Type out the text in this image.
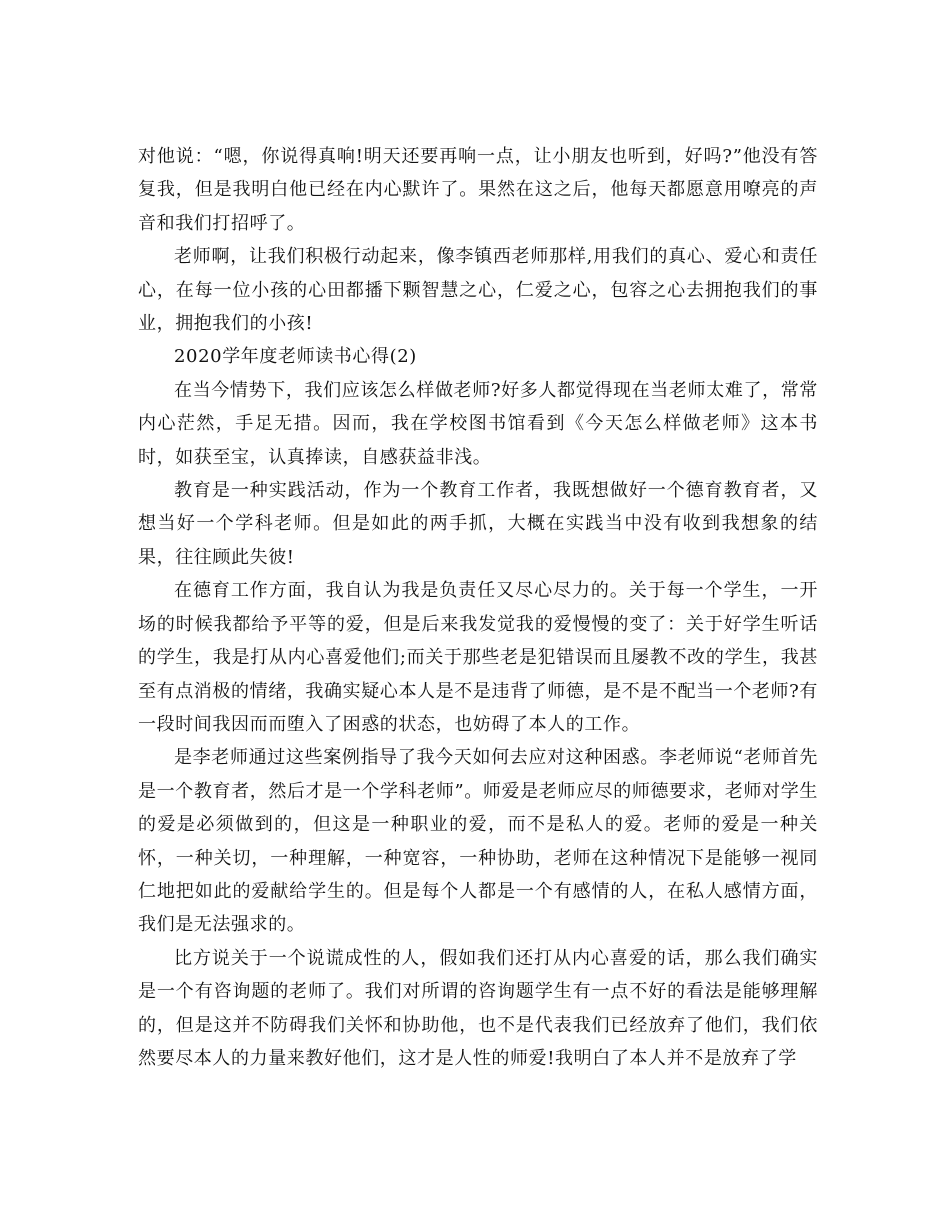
对他说：“嗯，你说得真响!明天还要再响一点，让小朋友也听到，好吗?”他没有答复我，但是我明白他已经在内心默许了。果然在这之后，他每天都愿意用嘹亮的声音和我们打招呼了。

老师啊，让我们积极行动起来，像李镇西老师那样,用我们的真心、爱心和责任心，在每一位小孩的心田都播下颗智慧之心，仁爱之心，包容之心去拥抱我们的事业，拥抱我们的小孩!

2020学年度老师读书心得(2)

在当今情势下，我们应该怎么样做老师?好多人都觉得现在当老师太难了，常常内心茫然，手足无措。因而，我在学校图书馆看到《今天怎么样做老师》这本书时，如获至宝，认真捧读，自感获益非浅。

教育是一种实践活动，作为一个教育工作者，我既想做好一个德育教育者，又想当好一个学科老师。但是如此的两手抓，大概在实践当中没有收到我想象的结果，往往顾此失彼!

在德育工作方面，我自认为我是负责任又尽心尽力的。关于每一个学生，一开场的时候我都给予平等的爱，但是后来我发觉我的爱慢慢的变了：关于好学生听话的学生，我是打从内心喜爱他们;而关于那些老是犯错误而且屡教不改的学生，我甚至有点消极的情绪，我确实疑心本人是不是违背了师德，是不是不配当一个老师?有一段时间我因而而堕入了困惑的状态，也妨碍了本人的工作。

是李老师通过这些案例指导了我今天如何去应对这种困惑。李老师说“老师首先是一个教育者，然后才是一个学科老师”。师爱是老师应尽的师德要求，老师对学生的爱是必须做到的，但这是一种职业的爱，而不是私人的爱。老师的爱是一种关怀，一种关切，一种理解，一种宽容，一种协助，老师在这种情况下是能够一视同仁地把如此的爱献给学生的。但是每个人都是一个有感情的人，在私人感情方面，我们是无法强求的。

比方说关于一个说谎成性的人，假如我们还打从内心喜爱的话，那么我们确实是一个有咨询题的老师了。我们对所谓的咨询题学生有一点不好的看法是能够理解的，但是这并不防碍我们关怀和协助他，也不是代表我们已经放弃了他们，我们依然要尽本人的力量来教好他们，这才是人性的师爱!我明白了本人并不是放弃了学
